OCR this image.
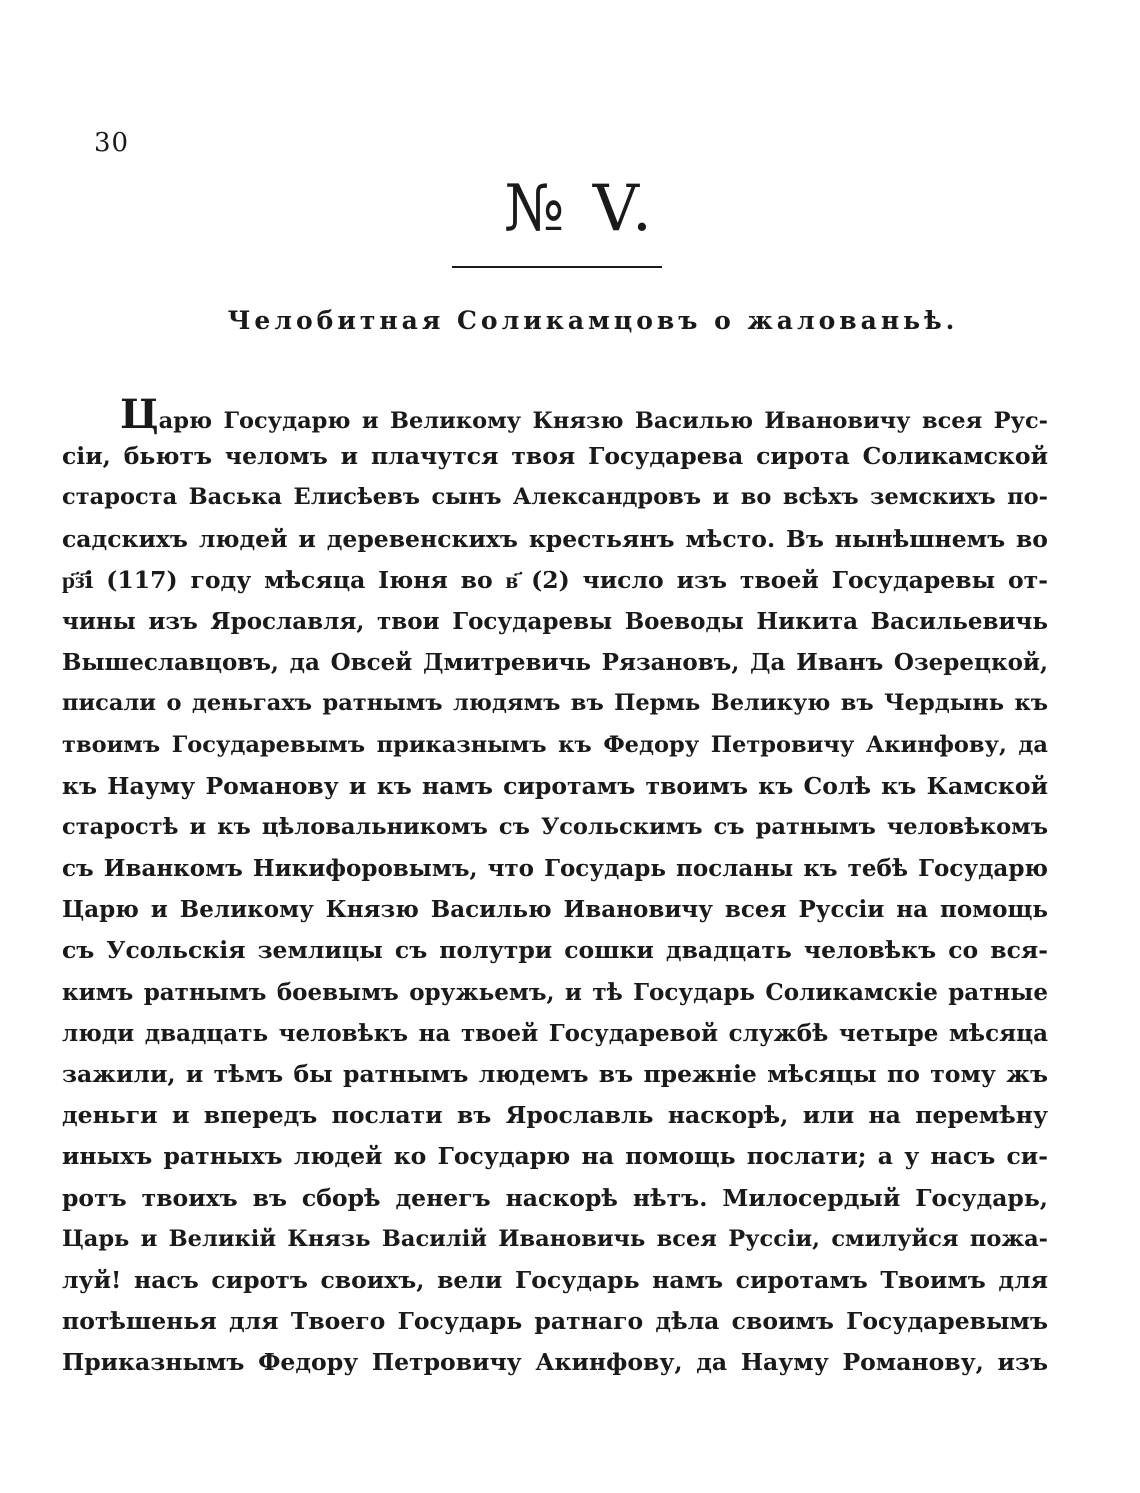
30
№ V.
Челобитная Соликамцовъ о жалованьѣ.
Царю Государю и Великому Князю Василью Ивановичу всея Рус-
сіи, бьютъ челомъ и плачутся твоя Государева сирота Соликамской
староста Васька Елисѣевъ сынъ Александровъ и во всѣхъ земскихъ по-
садскихъ людей и деревенскихъ крестьянъ мѣсто. Въ нынѣшнемъ во
р҃з҃і (117) году мѣсяца Іюня во в҃ (2) число изъ твоей Государевы от-
чины изъ Ярославля, твои Государевы Воеводы Никита Васильевичь
Вышеславцовъ, да Овсей Дмитревичь Рязановъ, Да Иванъ Озерецкой,
писали о деньгахъ ратнымъ людямъ въ Пермь Великую въ Чердынь къ
твоимъ Государевымъ приказнымъ къ Федору Петровичу Акинфову, да
къ Науму Романову и къ намъ сиротамъ твоимъ къ Солѣ къ Камской
старостѣ и къ цѣловальникомъ съ Усольскимъ съ ратнымъ человѣкомъ
съ Иванкомъ Никифоровымъ, что Государь посланы къ тебѣ Государю
Царю и Великому Князю Василью Ивановичу всея Руссіи на помощь
съ Усольскія землицы съ полутри сошки двадцать человѣкъ со вся-
кимъ ратнымъ боевымъ оружьемъ, и тѣ Государь Соликамскіе ратные
люди двадцать человѣкъ на твоей Государевой службѣ четыре мѣсяца
зажили, и тѣмъ бы ратнымъ людемъ въ прежніе мѣсяцы по тому жъ
деньги и впередъ послати въ Ярославль наскорѣ, или на перемѣну
иныхъ ратныхъ людей ко Государю на помощь послати; а у насъ си-
ротъ твоихъ въ сборѣ денегъ наскорѣ нѣтъ. Милосердый Государь,
Царь и Великій Князь Василій Ивановичь всея Руссіи, смилуйся пожа-
луй! насъ сиротъ своихъ, вели Государь намъ сиротамъ Твоимъ для
потѣшенья для Твоего Государь ратнаго дѣла своимъ Государевымъ
Приказнымъ Федору Петровичу Акинфову, да Науму Романову, изъ
